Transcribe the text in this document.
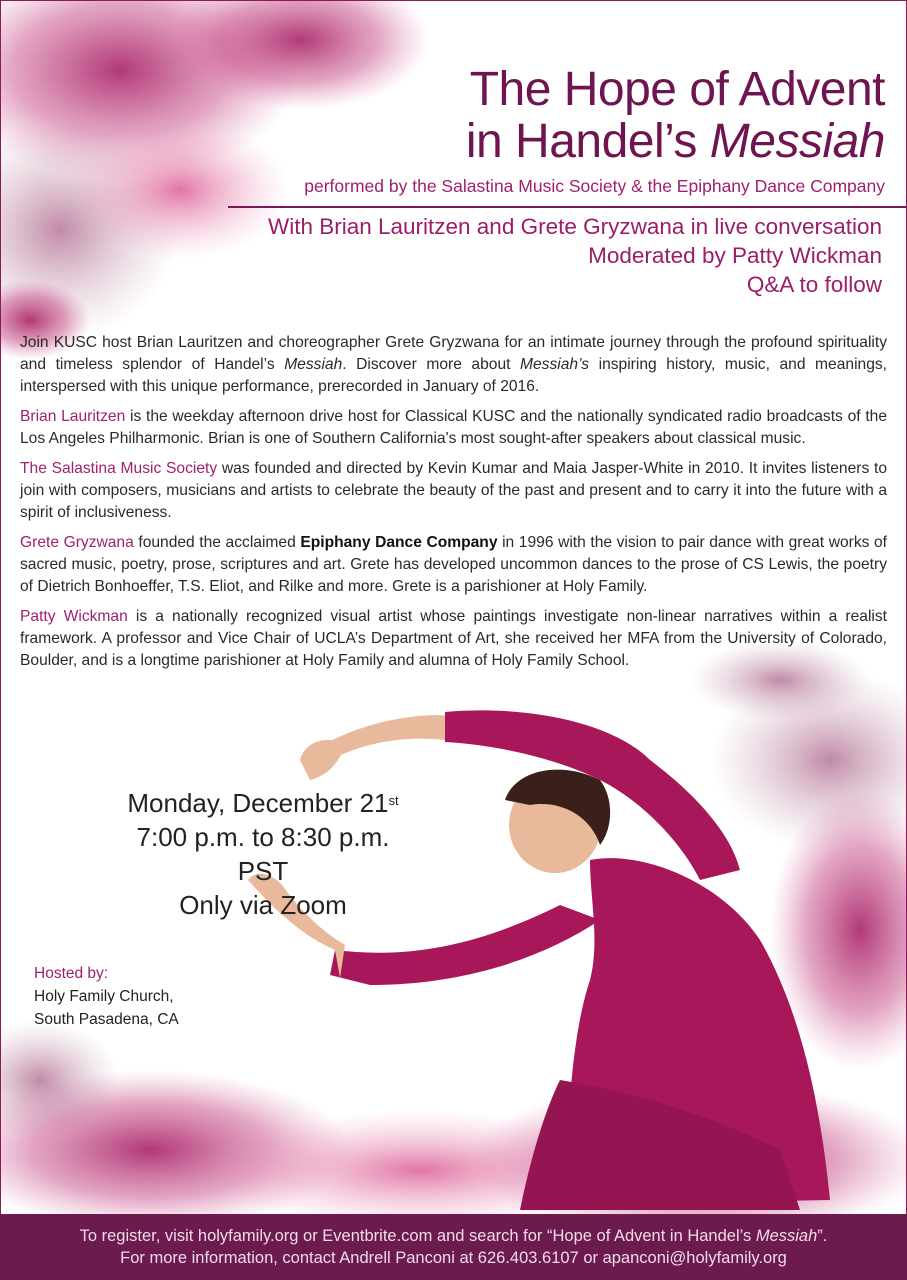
The Hope of Advent
in Handel’s Messiah
performed by the Salastina Music Society & the Epiphany Dance Company
With Brian Lauritzen and Grete Gryzwana in live conversation
Moderated by Patty Wickman
Q&A to follow

Join KUSC host Brian Lauritzen and choreographer Grete Gryzwana for an intimate journey through the profound spirituality and timeless splendor of Handel’s Messiah. Discover more about Messiah’s inspiring history, music, and meanings, interspersed with this unique performance, prerecorded in January of 2016.

Brian Lauritzen is the weekday afternoon drive host for Classical KUSC and the nationally syndicated radio broadcasts of the Los Angeles Philharmonic. Brian is one of Southern California's most sought-after speakers about classical music.

The Salastina Music Society was founded and directed by Kevin Kumar and Maia Jasper-White in 2010. It invites listeners to join with composers, musicians and artists to celebrate the beauty of the past and present and to carry it into the future with a spirit of inclusiveness.

Grete Gryzwana founded the acclaimed Epiphany Dance Company in 1996 with the vision to pair dance with great works of sacred music, poetry, prose, scriptures and art. Grete has developed uncommon dances to the prose of CS Lewis, the poetry of Dietrich Bonhoeffer, T.S. Eliot, and Rilke and more. Grete is a parishioner at Holy Family.

Patty Wickman is a nationally recognized visual artist whose paintings investigate non-linear narratives within a realist framework. A professor and Vice Chair of UCLA’s Department of Art, she received her MFA from the University of Colorado, Boulder, and is a longtime parishioner at Holy Family and alumna of Holy Family School.

Monday, December 21st
7:00 p.m. to 8:30 p.m. PST
Only via Zoom
Hosted by:
Holy Family Church,
South Pasadena, CA
To register, visit holyfamily.org or Eventbrite.com and search for “Hope of Advent in Handel’s Messiah”.
For more information, contact Andrell Panconi at 626.403.6107 or apanconi@holyfamily.org
